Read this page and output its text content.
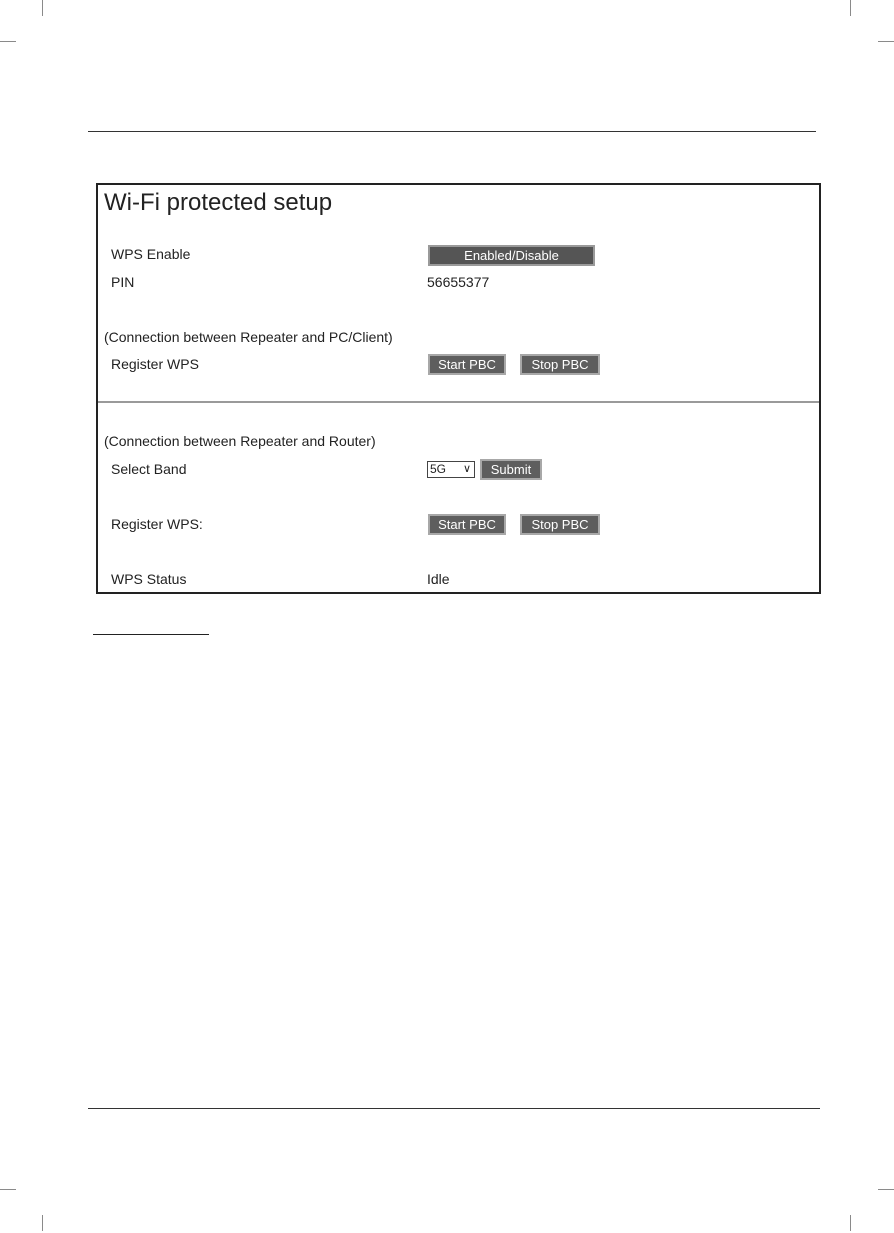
Wi-Fi protected setup
WPS Enable	Enabled/Disable
PIN	56655377
(Connection between Repeater and PC/Client)
Register WPS	Start PBC	Stop PBC
(Connection between Repeater and Router)
Select Band	5G ∨	Submit
Register WPS:	Start PBC	Stop PBC
WPS Status	Idle
